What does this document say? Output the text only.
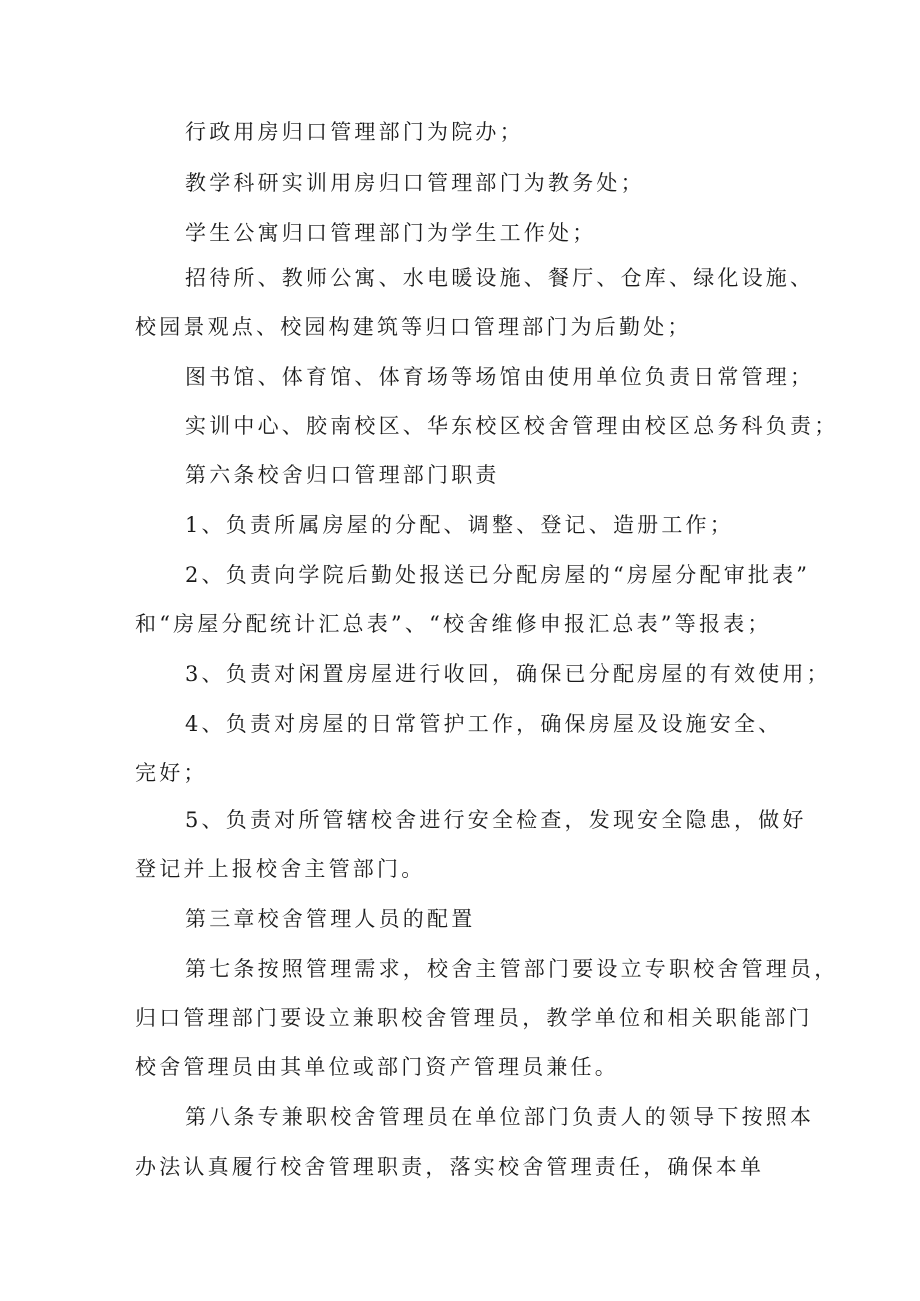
行政用房归口管理部门为院办；
教学科研实训用房归口管理部门为教务处；
学生公寓归口管理部门为学生工作处；
招待所、教师公寓、水电暖设施、餐厅、仓库、绿化设施、
校园景观点、校园构建筑等归口管理部门为后勤处；
图书馆、体育馆、体育场等场馆由使用单位负责日常管理；
实训中心、胶南校区、华东校区校舍管理由校区总务科负责；
第六条校舍归口管理部门职责
1、负责所属房屋的分配、调整、登记、造册工作；
2、负责向学院后勤处报送已分配房屋的“房屋分配审批表”
和“房屋分配统计汇总表”、“校舍维修申报汇总表”等报表；
3、负责对闲置房屋进行收回，确保已分配房屋的有效使用；
4、负责对房屋的日常管护工作，确保房屋及设施安全、
完好；
5、负责对所管辖校舍进行安全检查，发现安全隐患，做好
登记并上报校舍主管部门。
第三章校舍管理人员的配置
第七条按照管理需求，校舍主管部门要设立专职校舍管理员，
归口管理部门要设立兼职校舍管理员，教学单位和相关职能部门
校舍管理员由其单位或部门资产管理员兼任。
第八条专兼职校舍管理员在单位部门负责人的领导下按照本
办法认真履行校舍管理职责，落实校舍管理责任，确保本单
